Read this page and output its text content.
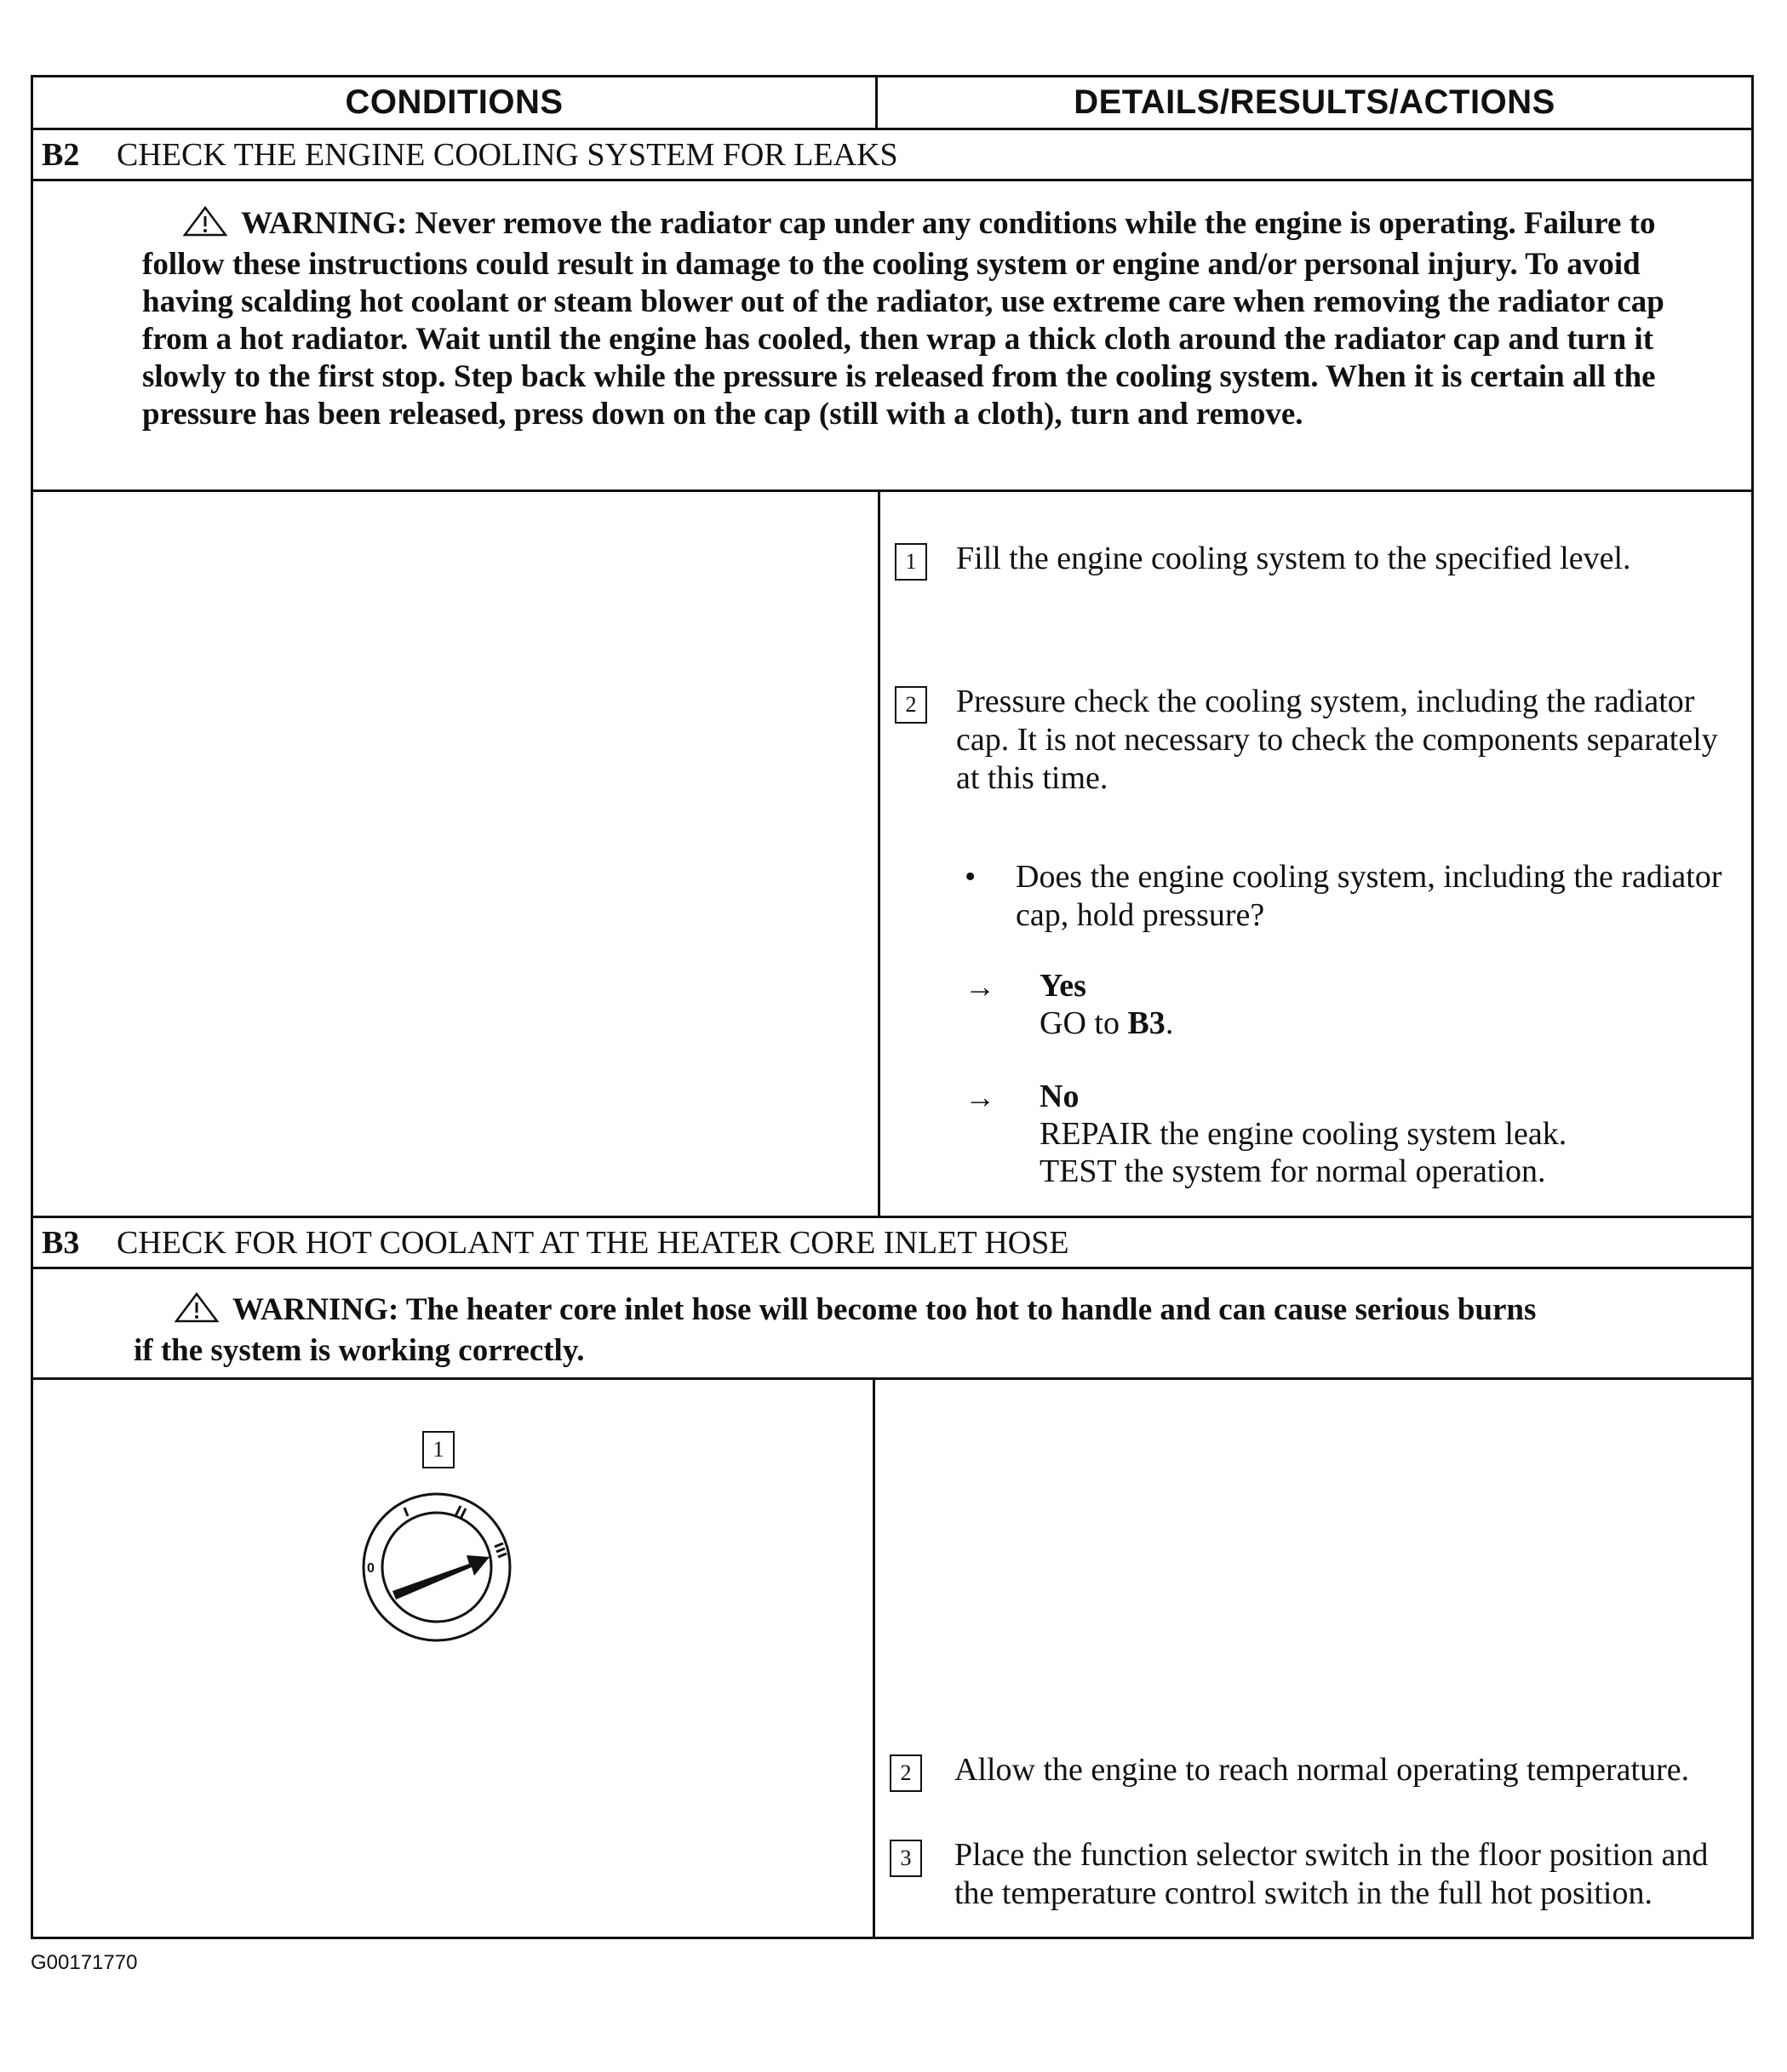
CONDITIONS	DETAILS/RESULTS/ACTIONS
B2	CHECK THE ENGINE COOLING SYSTEM FOR LEAKS

WARNING: Never remove the radiator cap under any conditions while the engine is operating. Failure to follow these instructions could result in damage to the cooling system or engine and/or personal injury. To avoid having scalding hot coolant or steam blower out of the radiator, use extreme care when removing the radiator cap from a hot radiator. Wait until the engine has cooled, then wrap a thick cloth around the radiator cap and turn it slowly to the first stop. Step back while the pressure is released from the cooling system. When it is certain all the pressure has been released, press down on the cap (still with a cloth), turn and remove.

1	Fill the engine cooling system to the specified level.
2	Pressure check the cooling system, including the radiator cap. It is not necessary to check the components separately at this time.
• Does the engine cooling system, including the radiator cap, hold pressure?
→ Yes
GO to B3.
→ No
REPAIR the engine cooling system leak.
TEST the system for normal operation.
B3	CHECK FOR HOT COOLANT AT THE HEATER CORE INLET HOSE

WARNING: The heater core inlet hose will become too hot to handle and can cause serious burns if the system is working correctly.

1
0
2	Allow the engine to reach normal operating temperature.
3	Place the function selector switch in the floor position and the temperature control switch in the full hot position.
G00171770
